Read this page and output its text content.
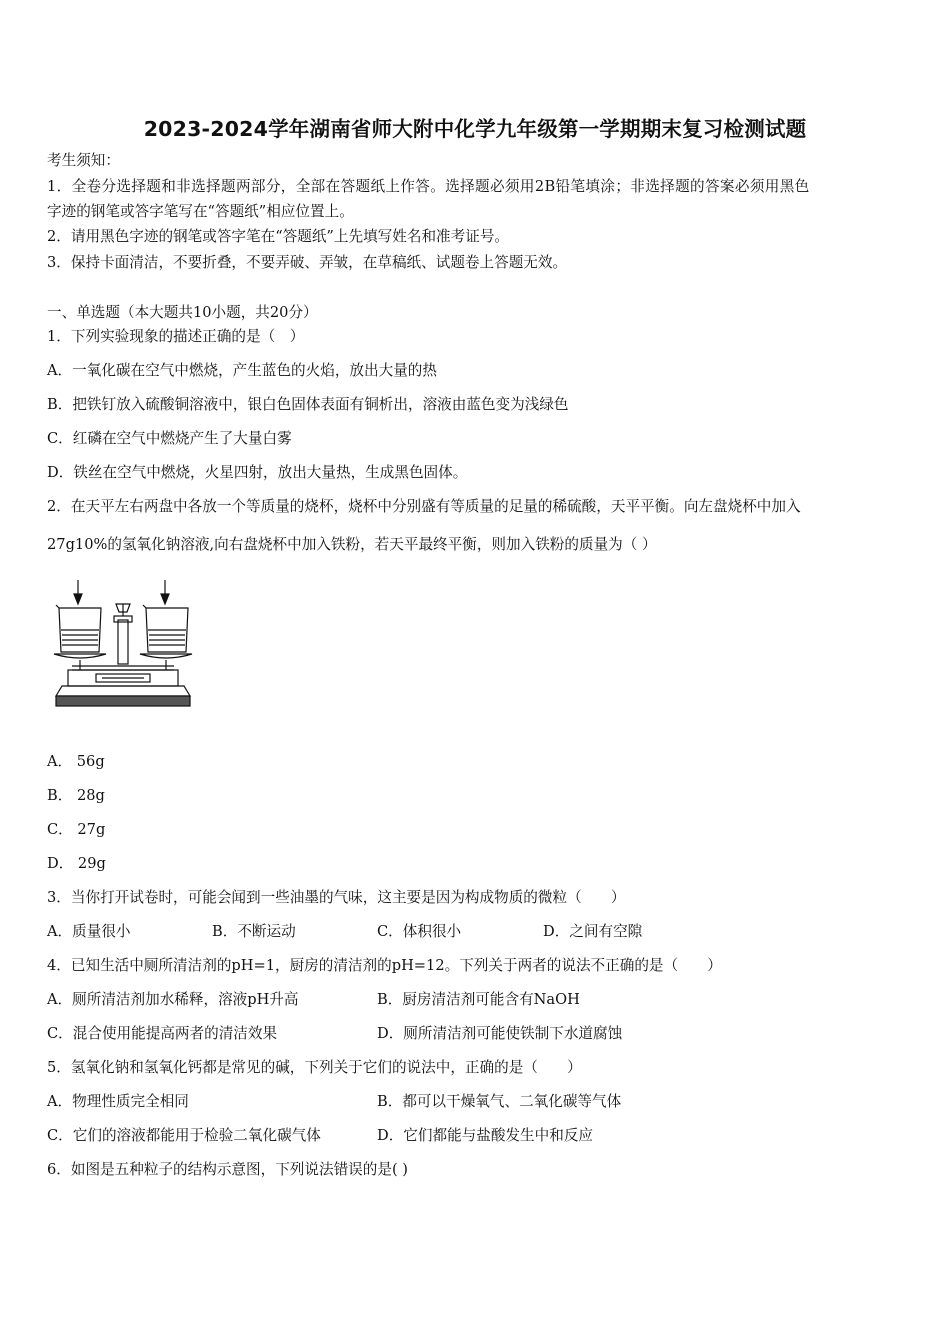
2023-2024学年湖南省师大附中化学九年级第一学期期末复习检测试题
考生须知：
1．全卷分选择题和非选择题两部分，全部在答题纸上作答。选择题必须用2B铅笔填涂；非选择题的答案必须用黑色
字迹的钢笔或答字笔写在“答题纸”相应位置上。
2．请用黑色字迹的钢笔或答字笔在“答题纸”上先填写姓名和准考证号。
3．保持卡面清洁，不要折叠，不要弄破、弄皱，在草稿纸、试题卷上答题无效。
一、单选题（本大题共10小题，共20分）
1．下列实验现象的描述正确的是（　）
A．一氧化碳在空气中燃烧，产生蓝色的火焰，放出大量的热
B．把铁钉放入硫酸铜溶液中，银白色固体表面有铜析出，溶液由蓝色变为浅绿色
C．红磷在空气中燃烧产生了大量白雾
D．铁丝在空气中燃烧，火星四射，放出大量热，生成黑色固体。
2．在天平左右两盘中各放一个等质量的烧杯，烧杯中分别盛有等质量的足量的稀硫酸，天平平衡。向左盘烧杯中加入
27g10%的氢氧化钠溶液,向右盘烧杯中加入铁粉，若天平最终平衡，则加入铁粉的质量为（ ）
A． 56g
B． 28g
C． 27g
D． 29g
3．当你打开试卷时，可能会闻到一些油墨的气味，这主要是因为构成物质的微粒（　　）
A．质量很小	B．不断运动	C．体积很小	D．之间有空隙
4．已知生活中厕所清洁剂的pH=1，厨房的清洁剂的pH=12。下列关于两者的说法不正确的是（　　）
A．厕所清洁剂加水稀释，溶液pH升高	B．厨房清洁剂可能含有NaOH
C．混合使用能提高两者的清洁效果	D．厕所清洁剂可能使铁制下水道腐蚀
5．氢氧化钠和氢氧化钙都是常见的碱，下列关于它们的说法中，正确的是（　　）
A．物理性质完全相同	B．都可以干燥氧气、二氧化碳等气体
C．它们的溶液都能用于检验二氧化碳气体	D．它们都能与盐酸发生中和反应
6．如图是五种粒子的结构示意图，下列说法错误的是( )
